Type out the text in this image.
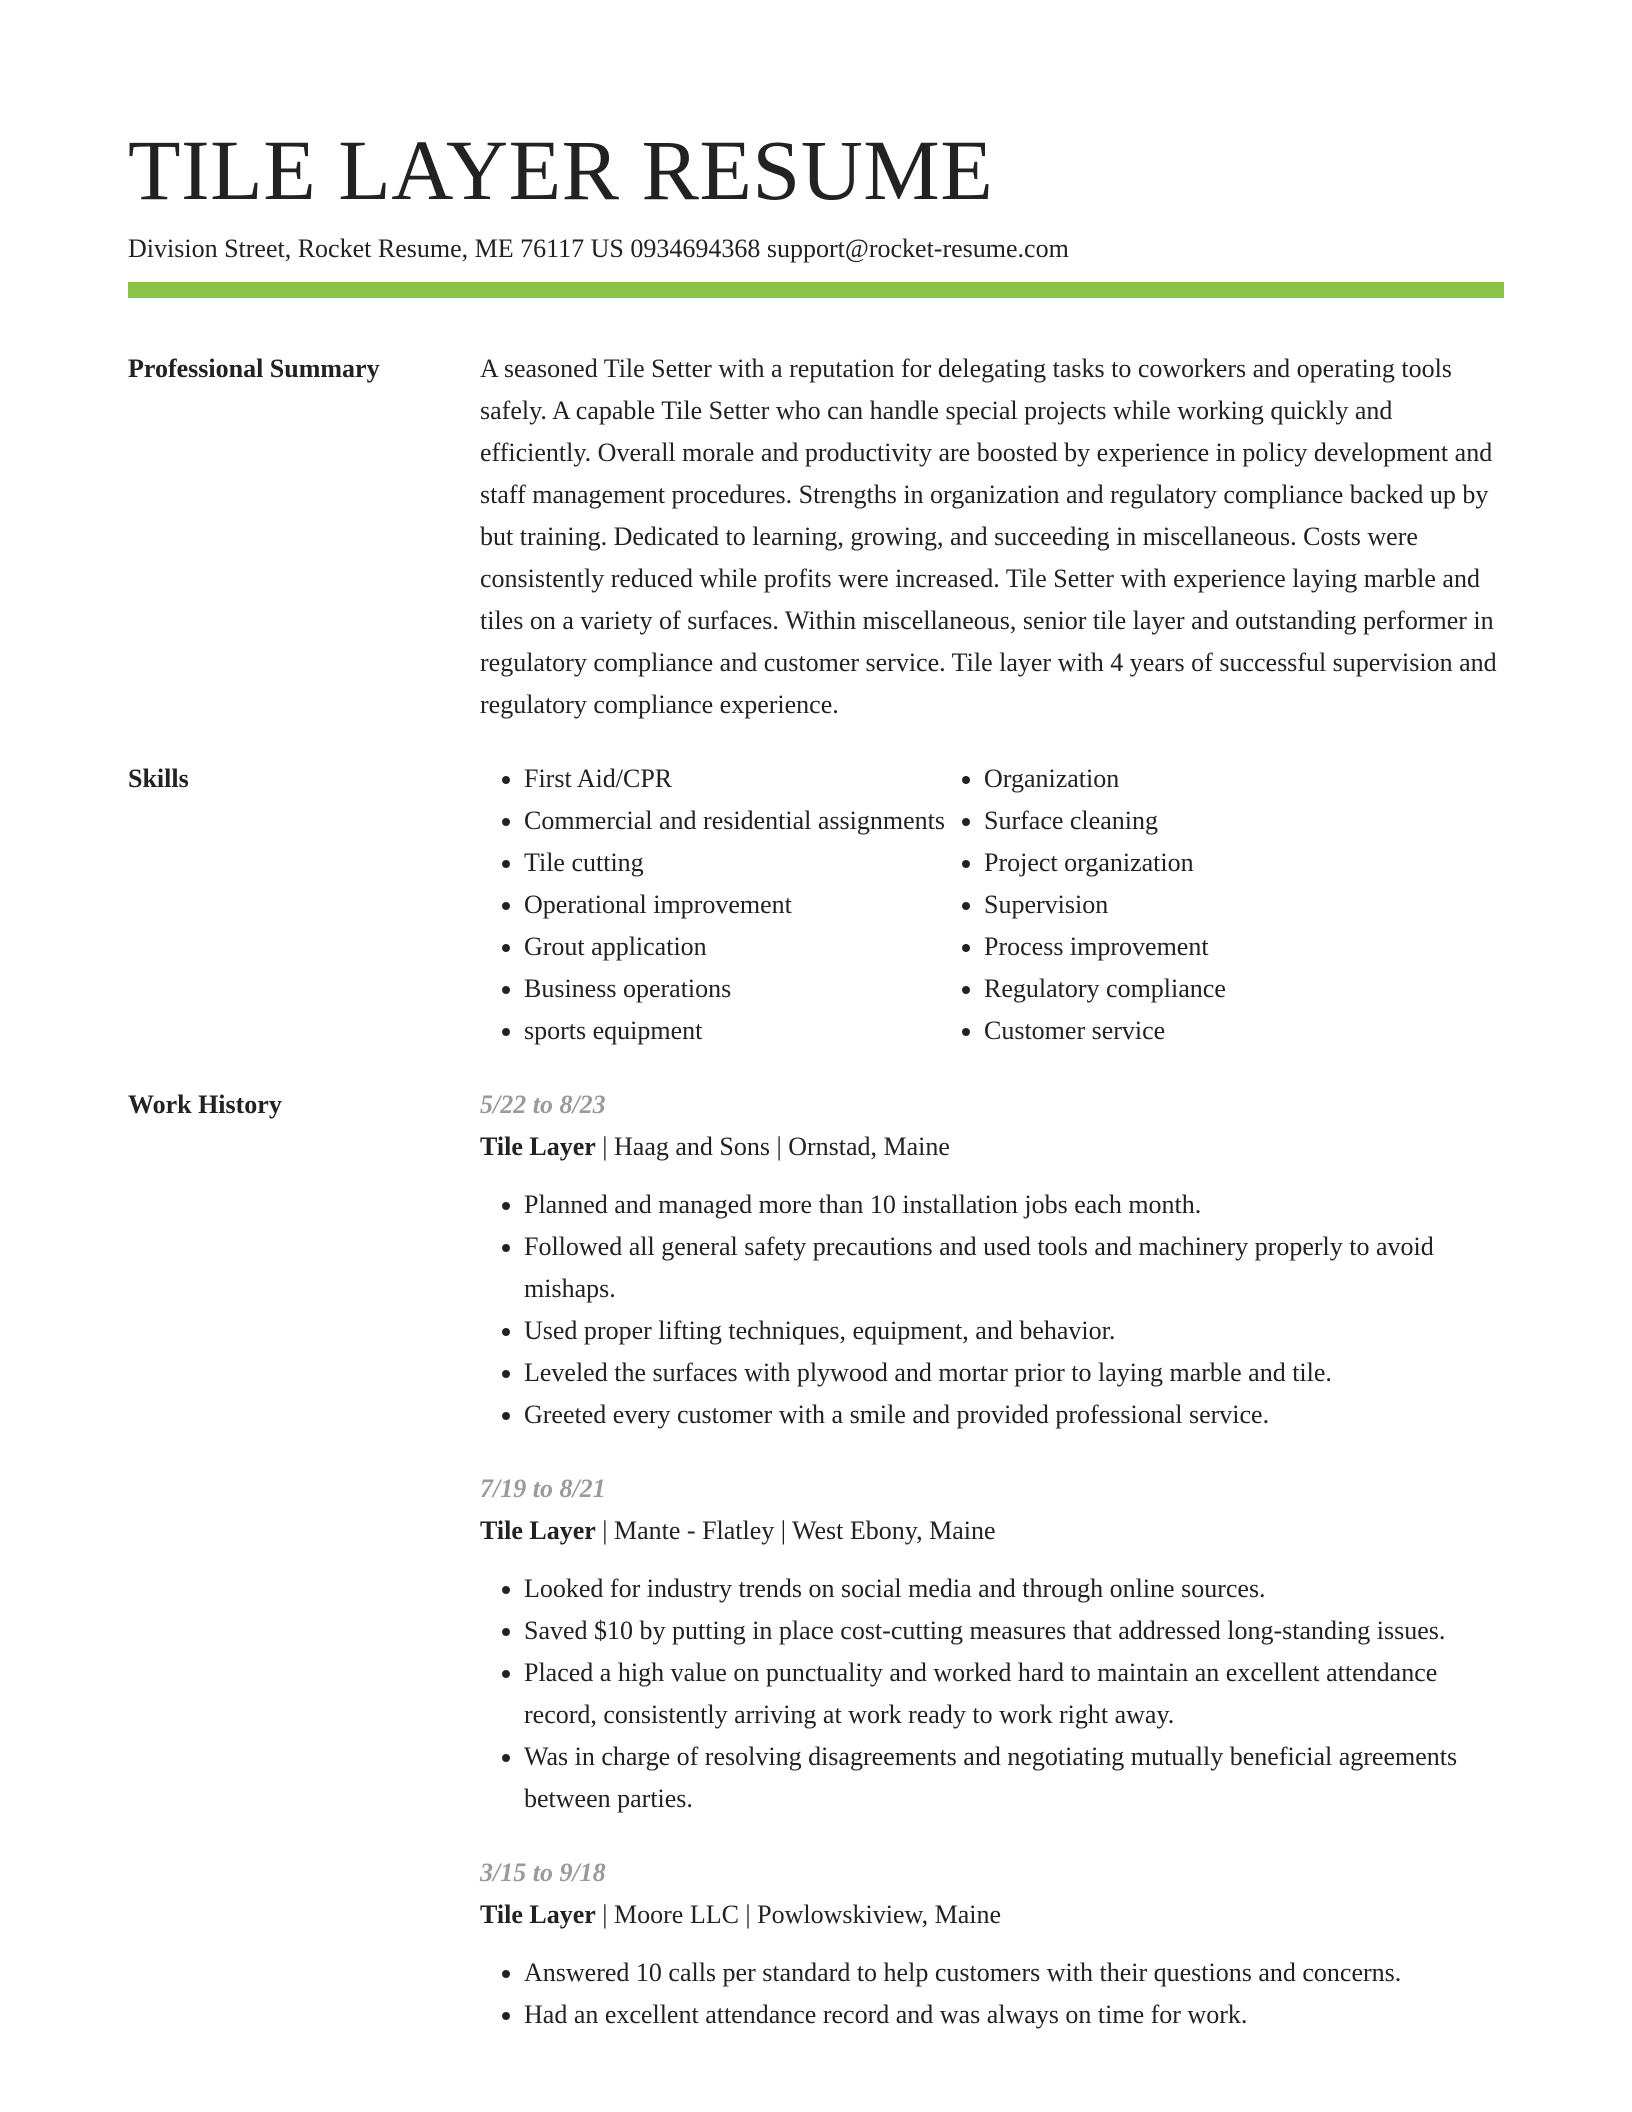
TILE LAYER RESUME
Division Street, Rocket Resume, ME 76117 US 0934694368 support@rocket-resume.com
Professional Summary	A seasoned Tile Setter with a reputation for delegating tasks to coworkers and operating tools safely. A capable Tile Setter who can handle special projects while working quickly and efficiently. Overall morale and productivity are boosted by experience in policy development and staff management procedures. Strengths in organization and regulatory compliance backed up by but training. Dedicated to learning, growing, and succeeding in miscellaneous. Costs were consistently reduced while profits were increased. Tile Setter with experience laying marble and tiles on a variety of surfaces. Within miscellaneous, senior tile layer and outstanding performer in regulatory compliance and customer service. Tile layer with 4 years of successful supervision and regulatory compliance experience.

Skills
•	First Aid/CPR
• Commercial and residential assignments
• Tile cutting
• Operational improvement
• Grout application
• Business operations
• sports equipment
• Organization
• Surface cleaning
• Project organization
• Supervision
• Process improvement
• Regulatory compliance
• Customer service
Work History	5/22 to 8/23
Tile Layer | Haag and Sons | Ornstad, Maine
• Planned and managed more than 10 installation jobs each month.
• Followed all general safety precautions and used tools and machinery properly to avoid mishaps.
• Used proper lifting techniques, equipment, and behavior.
• Leveled the surfaces with plywood and mortar prior to laying marble and tile.
• Greeted every customer with a smile and provided professional service.
7/19 to 8/21
Tile Layer | Mante - Flatley | West Ebony, Maine
• Looked for industry trends on social media and through online sources.
• Saved $10 by putting in place cost-cutting measures that addressed long-standing issues.
• Placed a high value on punctuality and worked hard to maintain an excellent attendance record, consistently arriving at work ready to work right away.
• Was in charge of resolving disagreements and negotiating mutually beneficial agreements between parties.
3/15 to 9/18
Tile Layer | Moore LLC | Powlowskiview, Maine
• Answered 10 calls per standard to help customers with their questions and concerns.
• Had an excellent attendance record and was always on time for work.
